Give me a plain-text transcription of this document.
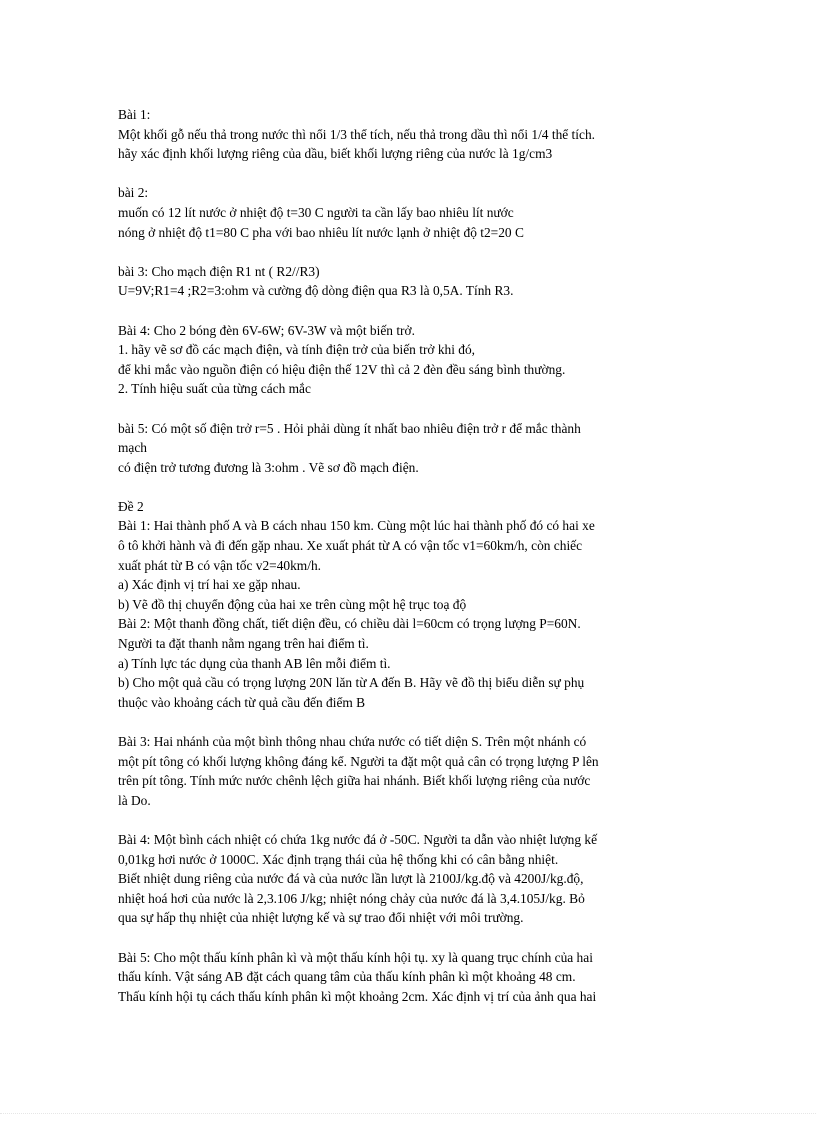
Bài 1:
Một khối gỗ nếu thả trong nước thì nổi 1/3 thể tích, nếu thả trong dầu thì nổi 1/4 thể tích.
hãy xác định khối lượng riêng của dầu, biết khối lượng riêng của nước là 1g/cm3
bài 2:
muốn có 12 lít nước ở nhiệt độ t=30 C người ta cần lấy bao nhiêu lít nước
nóng ở nhiệt độ t1=80 C pha với bao nhiêu lít nước lạnh ở nhiệt độ t2=20 C
bài 3: Cho mạch điện R1 nt ( R2//R3)
U=9V;R1=4 ;R2=3:ohm và cường độ dòng điện qua R3 là 0,5A. Tính R3.
Bài 4: Cho 2 bóng đèn 6V-6W; 6V-3W và một biến trở.
1. hãy vẽ sơ đồ các mạch điện, và tính điện trở của biến trở khi đó,
để khi mắc vào nguồn điện có hiệu điện thế 12V thì cả 2 đèn đều sáng bình thường.
2. Tính hiệu suất của từng cách mắc
bài 5: Có một số điện trở r=5 . Hỏi phải dùng ít nhất bao nhiêu điện trở r để mắc thành
mạch
có điện trở tương đương là 3:ohm . Vẽ sơ đồ mạch điện.
Đề 2
Bài 1: Hai thành phố A và B cách nhau 150 km. Cùng một lúc hai thành phố đó có hai xe
ô tô khởi hành và đi đến gặp nhau. Xe xuất phát từ A có vận tốc v1=60km/h, còn chiếc
xuất phát từ B có vận tốc v2=40km/h.
a) Xác định vị trí hai xe gặp nhau.
b) Vẽ đồ thị chuyển động của hai xe trên cùng một hệ trục toạ độ
Bài 2: Một thanh đồng chất, tiết diện đều, có chiều dài l=60cm có trọng lượng P=60N.
Người ta đặt thanh nằm ngang trên hai điểm tì.
a) Tính lực tác dụng của thanh AB lên mỗi điểm tì.
b) Cho một quả cầu có trọng lượng 20N lăn từ A đến B. Hãy vẽ đồ thị biểu diễn sự phụ
thuộc vào khoảng cách từ quả cầu đến điểm B
Bài 3: Hai nhánh của một bình thông nhau chứa nước có tiết diện S. Trên một nhánh có
một pít tông có khối lượng không đáng kể. Người ta đặt một quả cân có trọng lượng P lên
trên pít tông. Tính mức nước chênh lệch giữa hai nhánh. Biết khối lượng riêng của nước
là Do.
Bài 4: Một bình cách nhiệt có chứa 1kg nước đá ở -50C. Người ta dẫn vào nhiệt lượng kế
0,01kg hơi nước ở 1000C. Xác định trạng thái của hệ thống khi có cân bằng nhiệt.
Biết nhiệt dung riêng của nước đá và của nước lần lượt là 2100J/kg.độ và 4200J/kg.độ,
nhiệt hoá hơi của nước là 2,3.106 J/kg; nhiệt nóng chảy của nước đá là 3,4.105J/kg. Bỏ
qua sự hấp thụ nhiệt của nhiệt lượng kế và sự trao đổi nhiệt với môi trường.
Bài 5: Cho một thấu kính phân kì và một thấu kính hội tụ. xy là quang trục chính của hai
thấu kính. Vật sáng AB đặt cách quang tâm của thấu kính phân kì một khoảng 48 cm.
Thấu kính hội tụ cách thấu kính phân kì một khoảng 2cm. Xác định vị trí của ảnh qua hai
